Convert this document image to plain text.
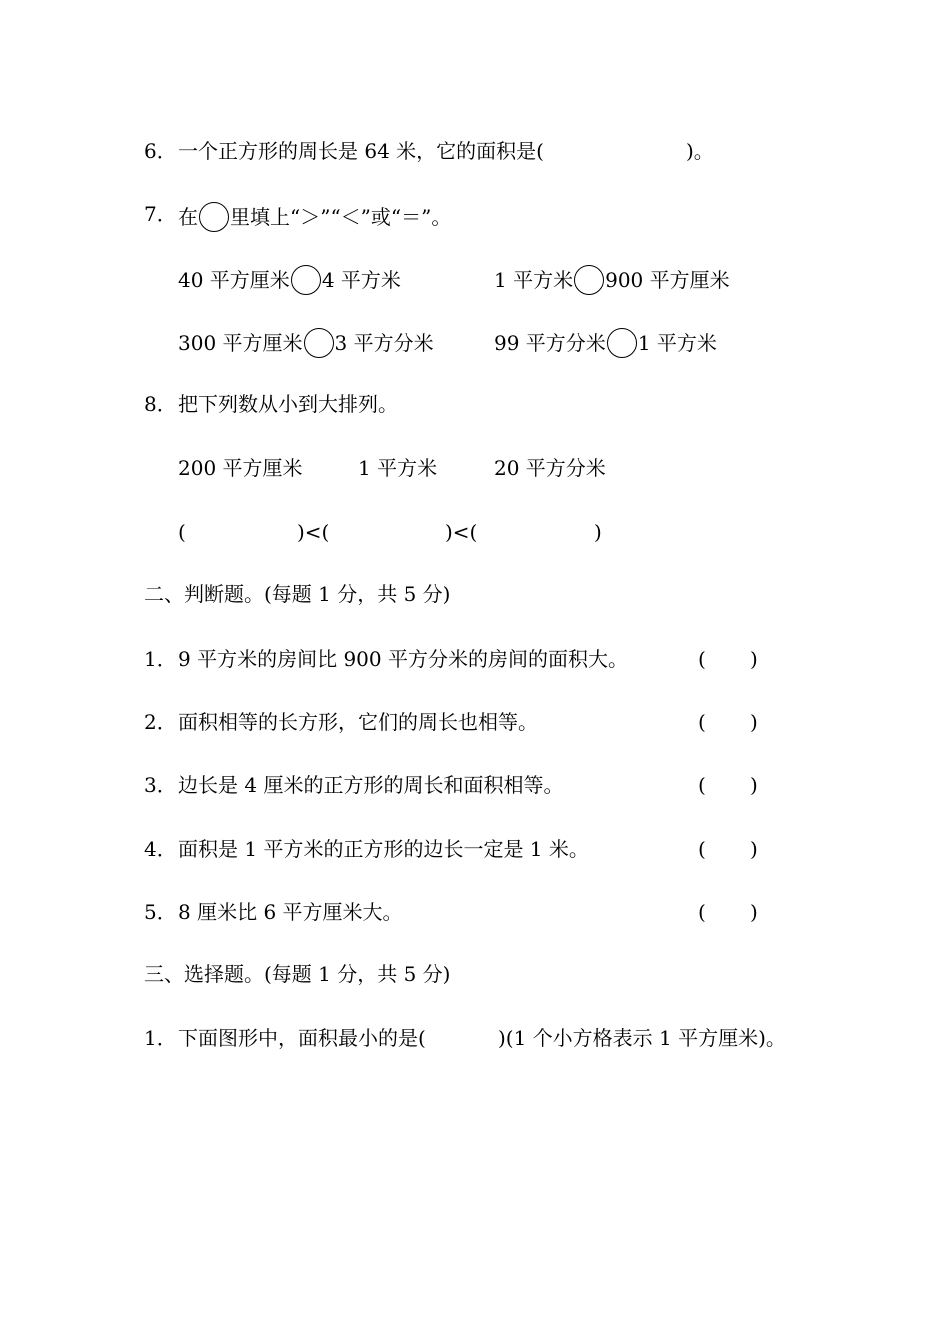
6． 一个正方形的周长是 64 米，它的面积是(	)。
7． 在 里填上“＞”“＜”或“＝”。
40 平方厘米 4 平方米	1 平方米 900 平方厘米
300 平方厘米 3 平方分米	99 平方分米 1 平方米
8． 把下列数从小到大排列。
200 平方厘米	1 平方米	20 平方分米
(	)<(	)<(	)
二、判断题。(每题 1 分，共 5 分)
1． 9 平方米的房间比 900 平方分米的房间的面积大。	( )
2． 面积相等的长方形，它们的周长也相等。	( )
3． 边长是 4 厘米的正方形的周长和面积相等。	( )
4． 面积是 1 平方米的正方形的边长一定是 1 米。	( )
5． 8 厘米比 6 平方厘米大。	( )
三、选择题。(每题 1 分，共 5 分)
1． 下面图形中，面积最小的是(	)(1 个小方格表示 1 平方厘米)。
